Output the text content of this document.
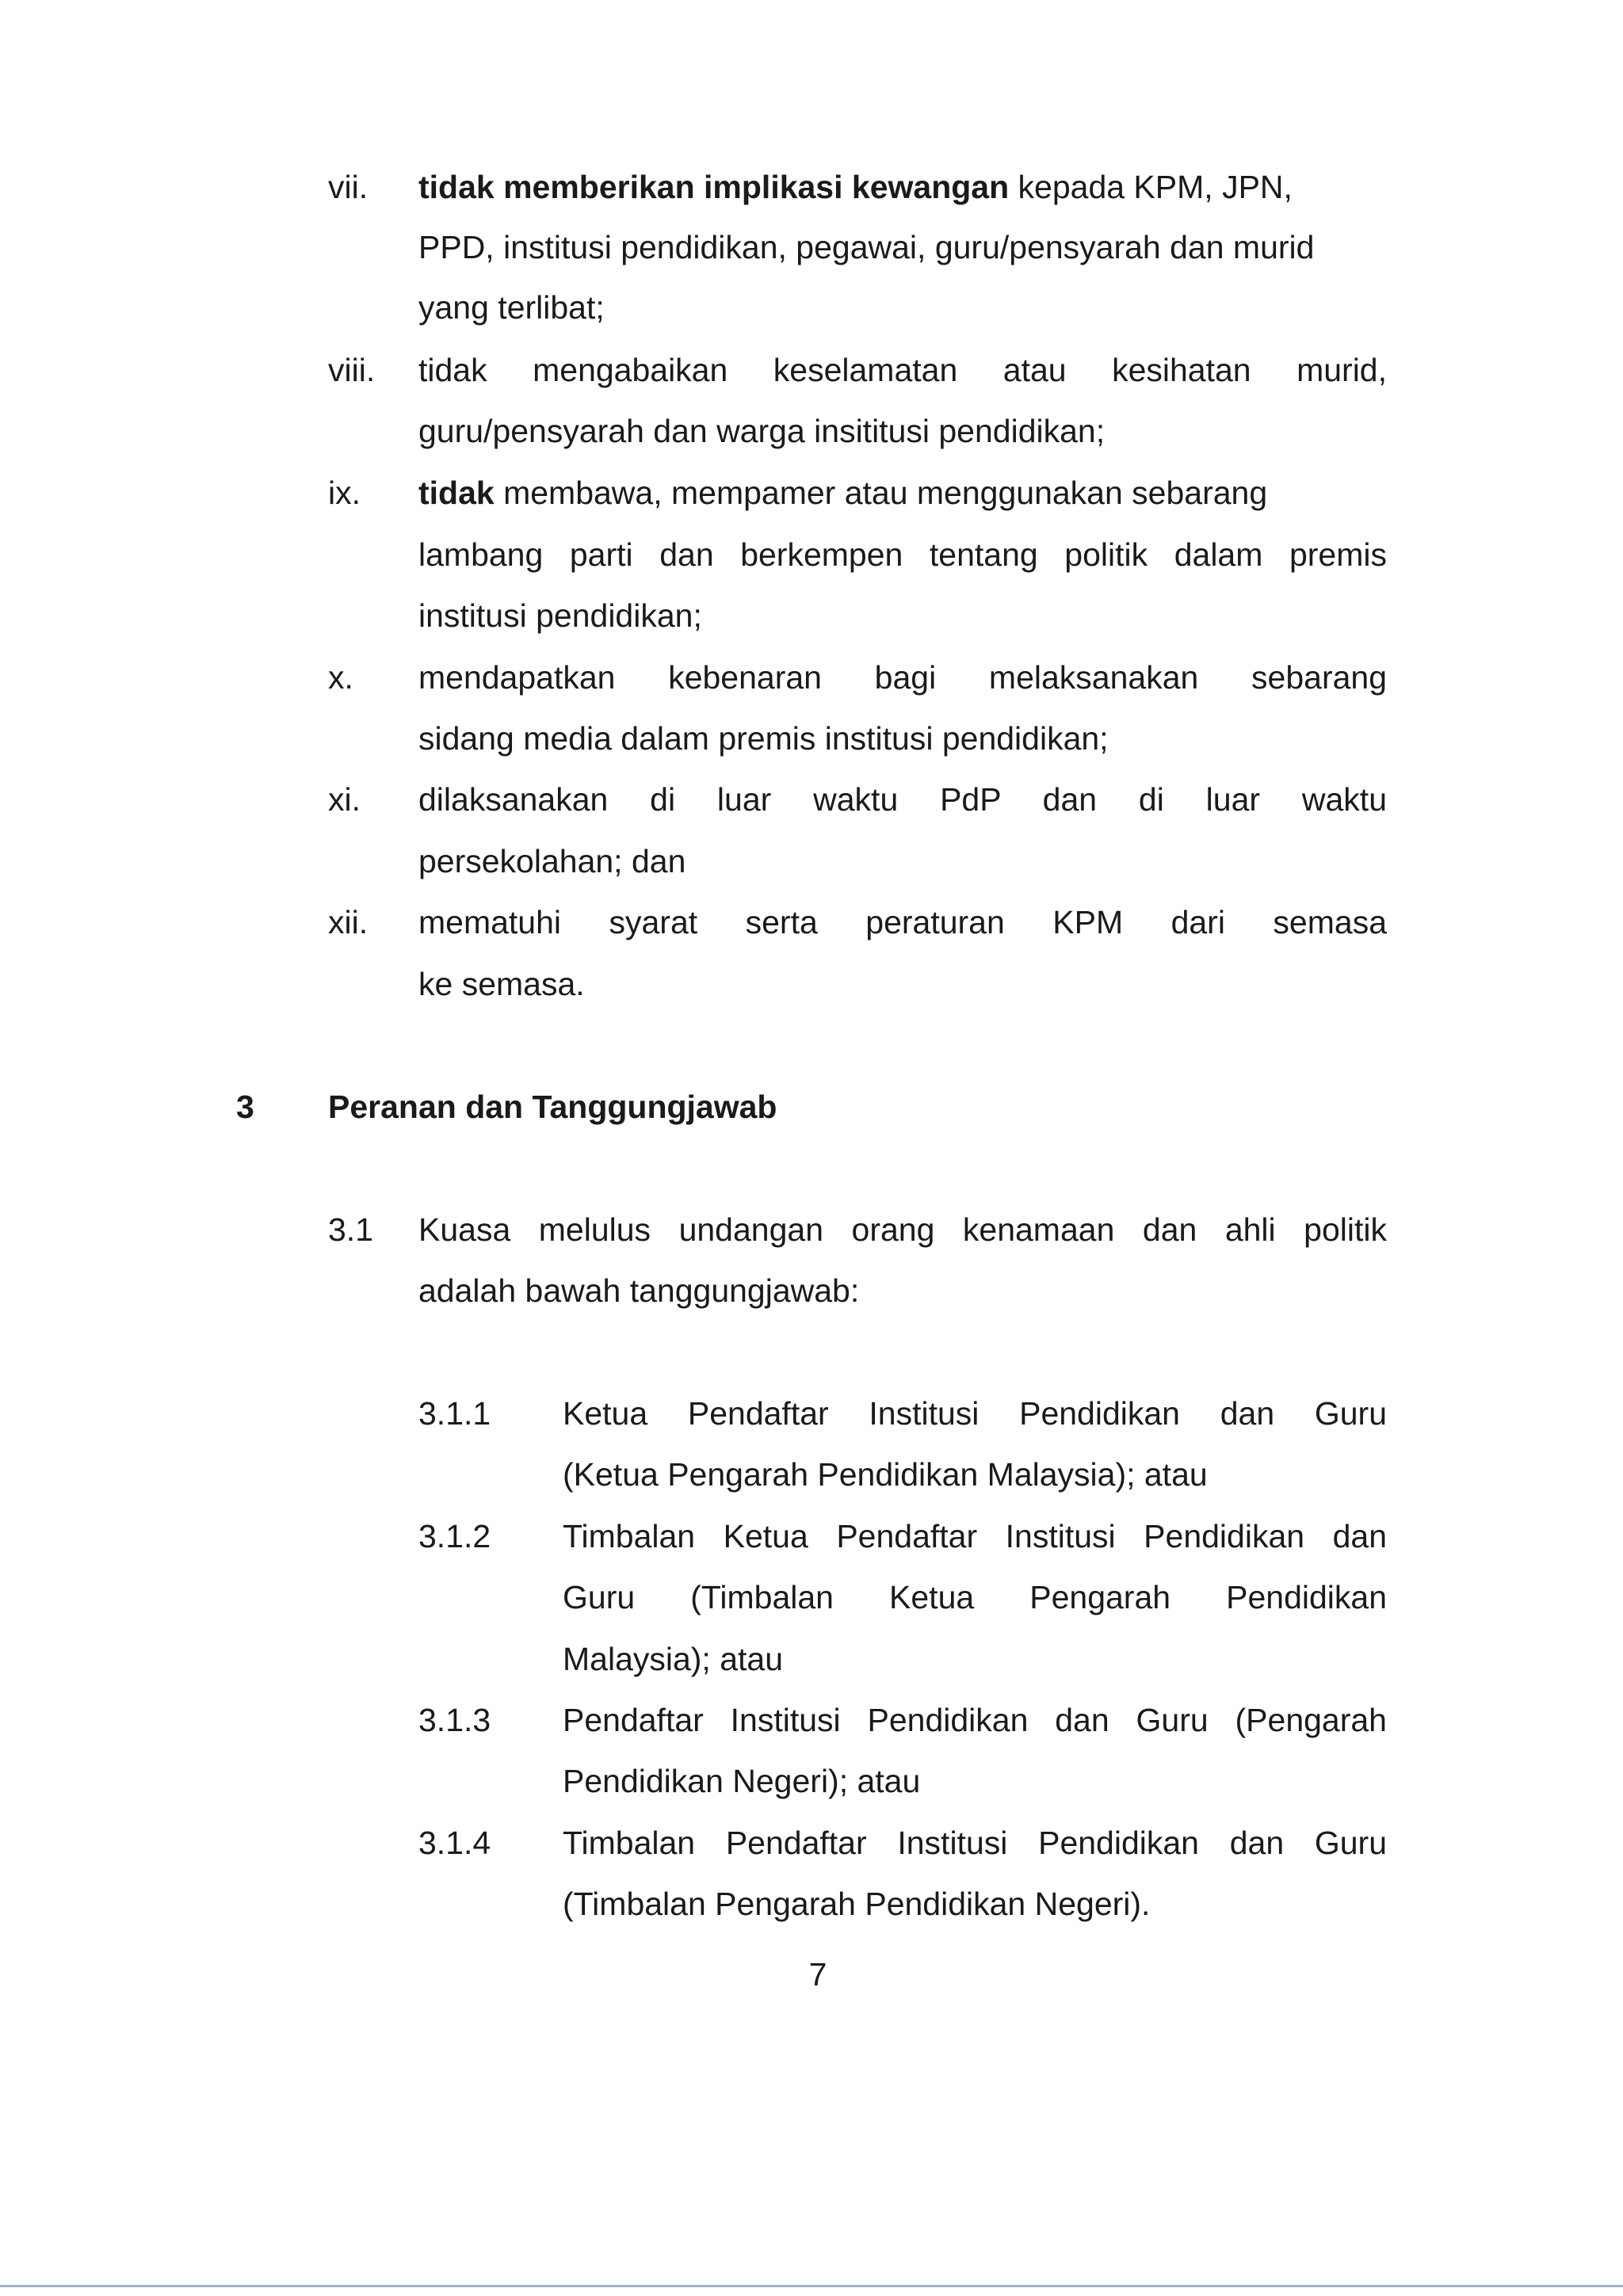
vii. tidak memberikan implikasi kewangan kepada KPM, JPN,
PPD, institusi pendidikan, pegawai, guru/pensyarah dan murid
yang terlibat;
viii. tidak mengabaikan keselamatan atau kesihatan murid,
guru/pensyarah dan warga insititusi pendidikan;
ix. tidak membawa, mempamer atau menggunakan sebarang
lambang parti dan berkempen tentang politik dalam premis
institusi pendidikan;
x. mendapatkan kebenaran bagi melaksanakan sebarang
sidang media dalam premis institusi pendidikan;
xi. dilaksanakan di luar waktu PdP dan di luar waktu
persekolahan; dan
xii. mematuhi syarat serta peraturan KPM dari semasa
ke semasa.
3 Peranan dan Tanggungjawab
3.1 Kuasa melulus undangan orang kenamaan dan ahli politik
adalah bawah tanggungjawab:
3.1.1 Ketua Pendaftar Institusi Pendidikan dan Guru
(Ketua Pengarah Pendidikan Malaysia); atau
3.1.2 Timbalan Ketua Pendaftar Institusi Pendidikan dan
Guru (Timbalan Ketua Pengarah Pendidikan
Malaysia); atau
3.1.3 Pendaftar Institusi Pendidikan dan Guru (Pengarah
Pendidikan Negeri); atau
3.1.4 Timbalan Pendaftar Institusi Pendidikan dan Guru
(Timbalan Pengarah Pendidikan Negeri).
7
